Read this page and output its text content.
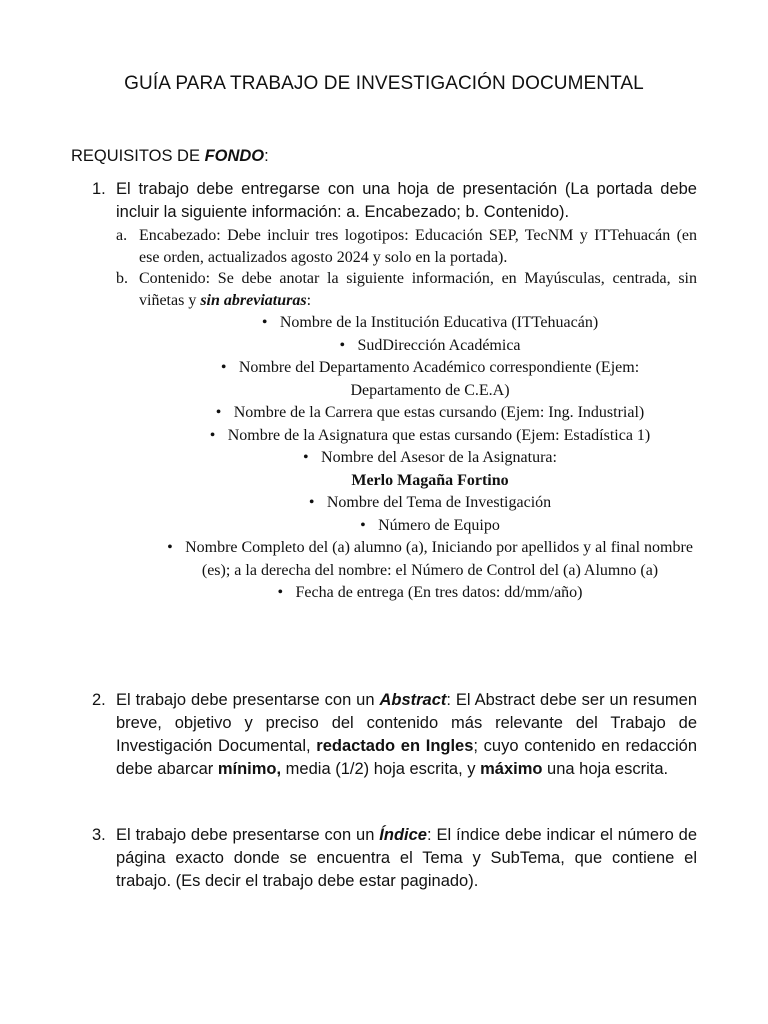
GUÍA PARA TRABAJO DE INVESTIGACIÓN DOCUMENTAL
REQUISITOS DE FONDO:
1. El trabajo debe entregarse con una hoja de presentación (La portada debe incluir la siguiente información: a. Encabezado; b. Contenido).
a. Encabezado: Debe incluir tres logotipos: Educación SEP, TecNM y ITTehuacán (en ese orden, actualizados agosto 2024 y solo en la portada).
b. Contenido: Se debe anotar la siguiente información, en Mayúsculas, centrada, sin viñetas y sin abreviaturas:

• Nombre de la Institución Educativa (ITTehuacán)

• SudDirección Académica

• Nombre del Departamento Académico correspondiente (Ejem: Departamento de C.E.A)

• Nombre de la Carrera que estas cursando (Ejem: Ing. Industrial)

• Nombre de la Asignatura que estas cursando (Ejem: Estadística 1)

• Nombre del Asesor de la Asignatura:

Merlo Magaña Fortino

• Nombre del Tema de Investigación

• Número de Equipo

• Nombre Completo del (a) alumno (a), Iniciando por apellidos y al final nombre (es); a la derecha del nombre: el Número de Control del (a) Alumno (a)

• Fecha de entrega (En tres datos: dd/mm/año)

2. El trabajo debe presentarse con un Abstract: El Abstract debe ser un resumen breve, objetivo y preciso del contenido más relevante del Trabajo de Investigación Documental, redactado en Ingles; cuyo contenido en redacción debe abarcar mínimo, media (1/2) hoja escrita, y máximo una hoja escrita.
3. El trabajo debe presentarse con un Índice: El índice debe indicar el número de página exacto donde se encuentra el Tema y SubTema, que contiene el trabajo. (Es decir el trabajo debe estar paginado).
